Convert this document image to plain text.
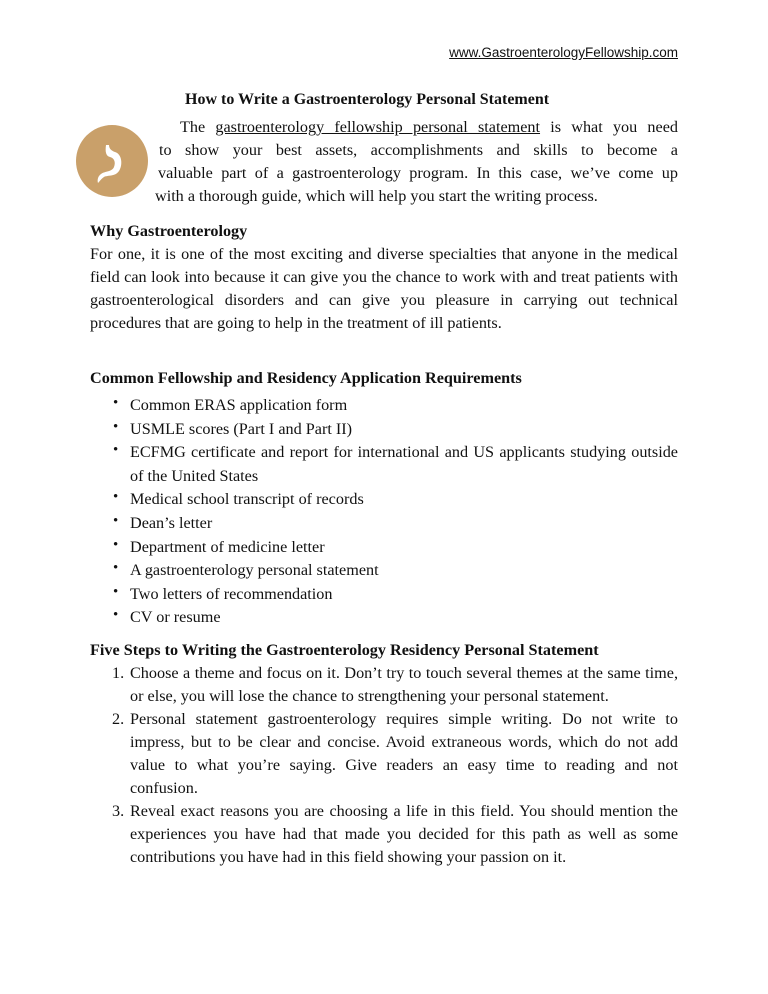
www.GastroenterologyFellowship.com
How to Write a Gastroenterology Personal Statement
The gastroenterology fellowship personal statement is what you need
to show your best assets, accomplishments and skills to become a
valuable part of a gastroenterology program. In this case, we’ve come up
with a thorough guide, which will help you start the writing process.
Why Gastroenterology
For one, it is one of the most exciting and diverse specialties that anyone in the medical field can look into because it can give you the chance to work with and treat patients with gastroenterological disorders and can give you pleasure in carrying out technical procedures that are going to help in the treatment of ill patients.
Common Fellowship and Residency Application Requirements
• Common ERAS application form
• USMLE scores (Part I and Part II)
• ECFMG certificate and report for international and US applicants studying outside of the United States
• Medical school transcript of records
• Dean’s letter
• Department of medicine letter
• A gastroenterology personal statement
• Two letters of recommendation
• CV or resume
Five Steps to Writing the Gastroenterology Residency Personal Statement
1. Choose a theme and focus on it. Don’t try to touch several themes at the same time, or else, you will lose the chance to strengthening your personal statement.
2. Personal statement gastroenterology requires simple writing. Do not write to impress, but to be clear and concise. Avoid extraneous words, which do not add value to what you’re saying. Give readers an easy time to reading and not confusion.
3. Reveal exact reasons you are choosing a life in this field. You should mention the experiences you have had that made you decided for this path as well as some contributions you have had in this field showing your passion on it.
